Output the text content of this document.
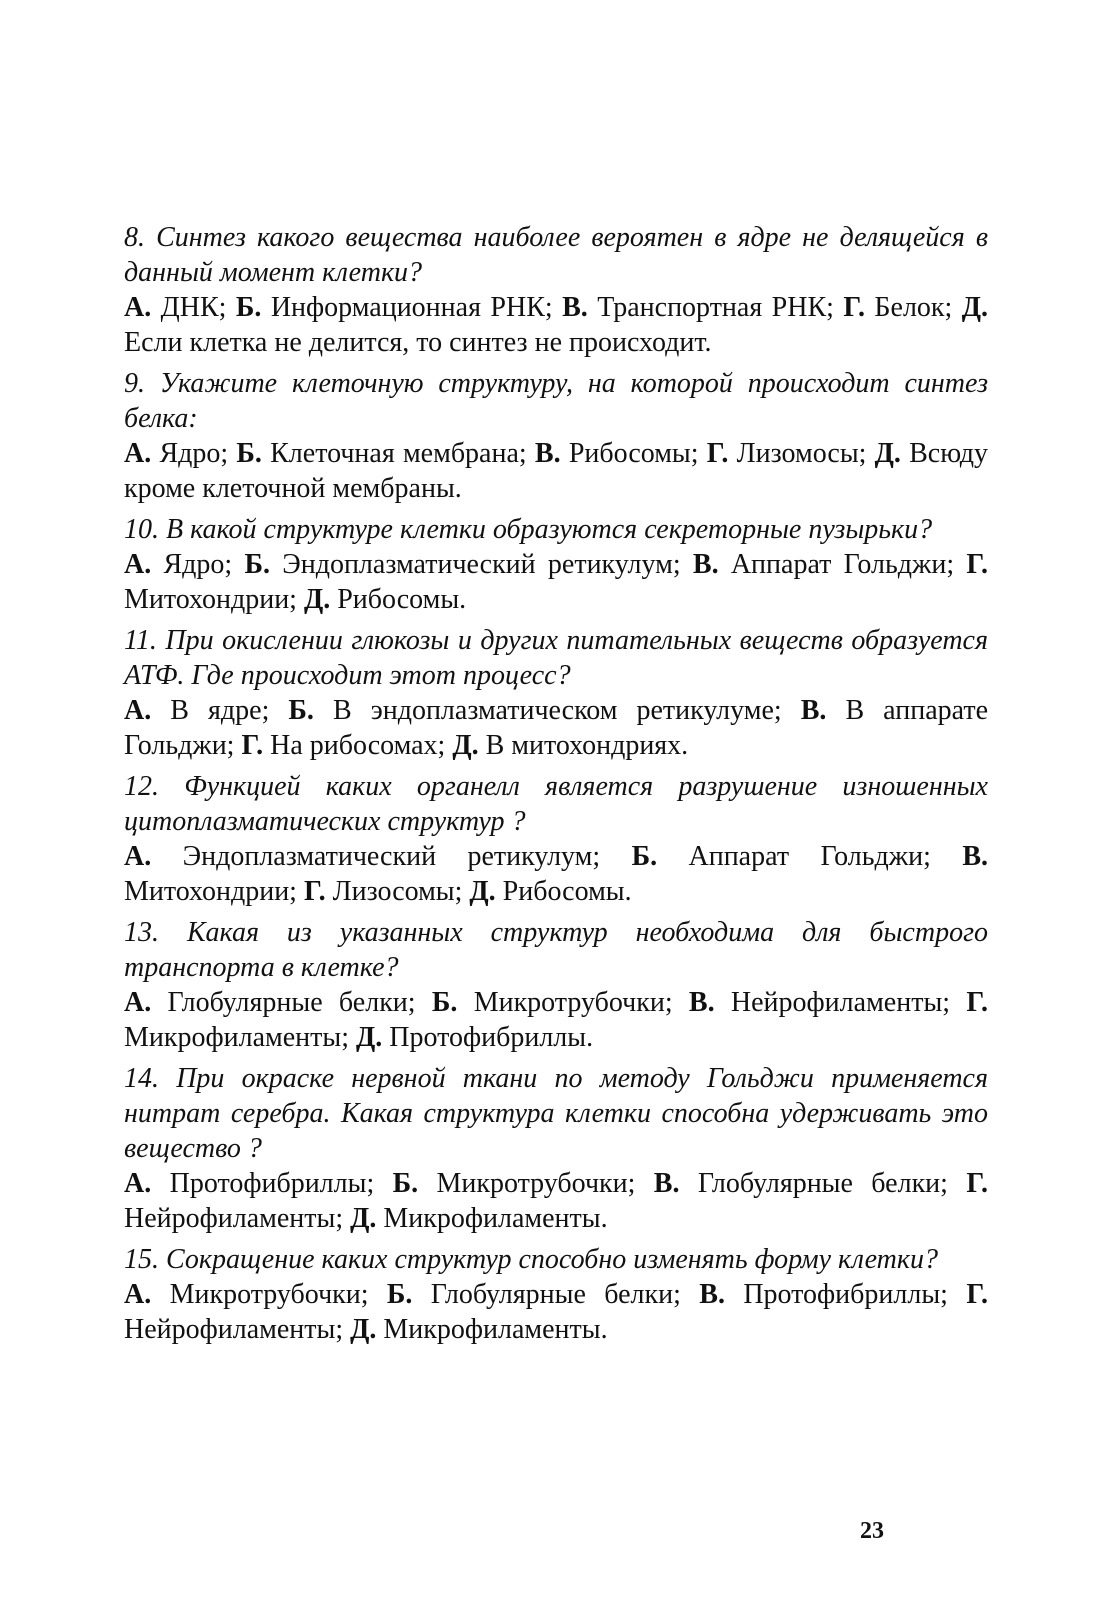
8. Синтез какого вещества наиболее вероятен в ядре не делящейся в данный момент клетки?

А. ДНК; Б. Информационная РНК; В. Транспортная РНК; Г. Белок; Д. Если клетка не делится, то синтез не происходит.

9. Укажите клеточную структуру, на которой происходит синтез белка:

А. Ядро; Б. Клеточная мембрана; В. Рибосомы; Г. Лизомосы; Д. Всюду кроме клеточной мембраны.

10. В какой структуре клетки образуются секреторные пузырьки?

А. Ядро; Б. Эндоплазматический ретикулум; В. Аппарат Гольджи; Г. Митохондрии; Д. Рибосомы.

11. При окислении глюкозы и других питательных веществ образуется АТФ. Где происходит этот процесс?

А. В ядре; Б. В эндоплазматическом ретикулуме; В. В аппарате Гольджи; Г. На рибосомах; Д. В митохондриях.

12. Функцией каких органелл является разрушение изношенных цитоплазматических структур ?

А. Эндоплазматический ретикулум; Б. Аппарат Гольджи; В. Митохондрии; Г. Лизосомы; Д. Рибосомы.

13. Какая из указанных структур необходима для быстрого транспорта в клетке?

А. Глобулярные белки; Б. Микротрубочки; В. Нейрофиламенты; Г. Микрофиламенты; Д. Протофибриллы.

14. При окраске нервной ткани по методу Гольджи применяется нитрат серебра. Какая структура клетки способна удерживать это вещество ?

А. Протофибриллы; Б. Микротрубочки; В. Глобулярные белки; Г. Нейрофиламенты; Д. Микрофиламенты.

15. Сокращение каких структур способно изменять форму клетки?

А. Микротрубочки; Б. Глобулярные белки; В. Протофибриллы; Г. Нейрофиламенты; Д. Микрофиламенты.

23
